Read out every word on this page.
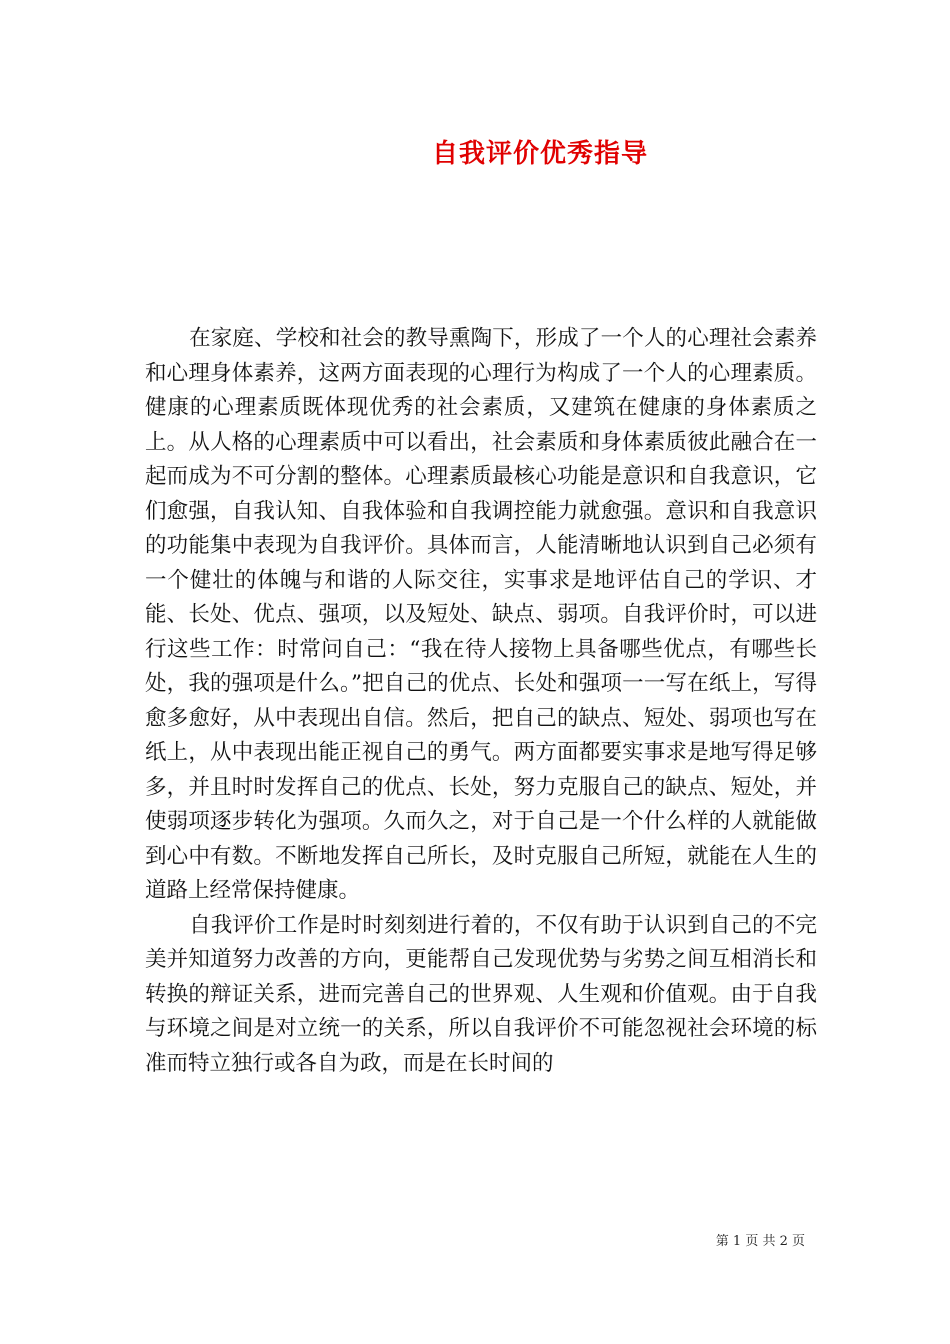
自我评价优秀指导

在家庭、学校和社会的教导熏陶下，形成了一个人的心理社会素养和心理身体素养，这两方面表现的心理行为构成了一个人的心理素质。健康的心理素质既体现优秀的社会素质，又建筑在健康的身体素质之上。从人格的心理素质中可以看出，社会素质和身体素质彼此融合在一起而成为不可分割的整体。心理素质最核心功能是意识和自我意识，它们愈强，自我认知、自我体验和自我调控能力就愈强。意识和自我意识的功能集中表现为自我评价。具体而言，人能清晰地认识到自己必须有一个健壮的体魄与和谐的人际交往，实事求是地评估自己的学识、才能、长处、优点、强项，以及短处、缺点、弱项。自我评价时，可以进行这些工作：时常问自己：“我在待人接物上具备哪些优点，有哪些长处，我的强项是什么。”把自己的优点、长处和强项一一写在纸上，写得愈多愈好，从中表现出自信。然后，把自己的缺点、短处、弱项也写在纸上，从中表现出能正视自己的勇气。两方面都要实事求是地写得足够多，并且时时发挥自己的优点、长处，努力克服自己的缺点、短处，并使弱项逐步转化为强项。久而久之，对于自己是一个什么样的人就能做到心中有数。不断地发挥自己所长，及时克服自己所短，就能在人生的道路上经常保持健康。

自我评价工作是时时刻刻进行着的，不仅有助于认识到自己的不完美并知道努力改善的方向，更能帮自己发现优势与劣势之间互相消长和转换的辩证关系，进而完善自己的世界观、人生观和价值观。由于自我与环境之间是对立统一的关系，所以自我评价不可能忽视社会环境的标准而特立独行或各自为政，而是在长时间的

第 1 页 共 2 页
